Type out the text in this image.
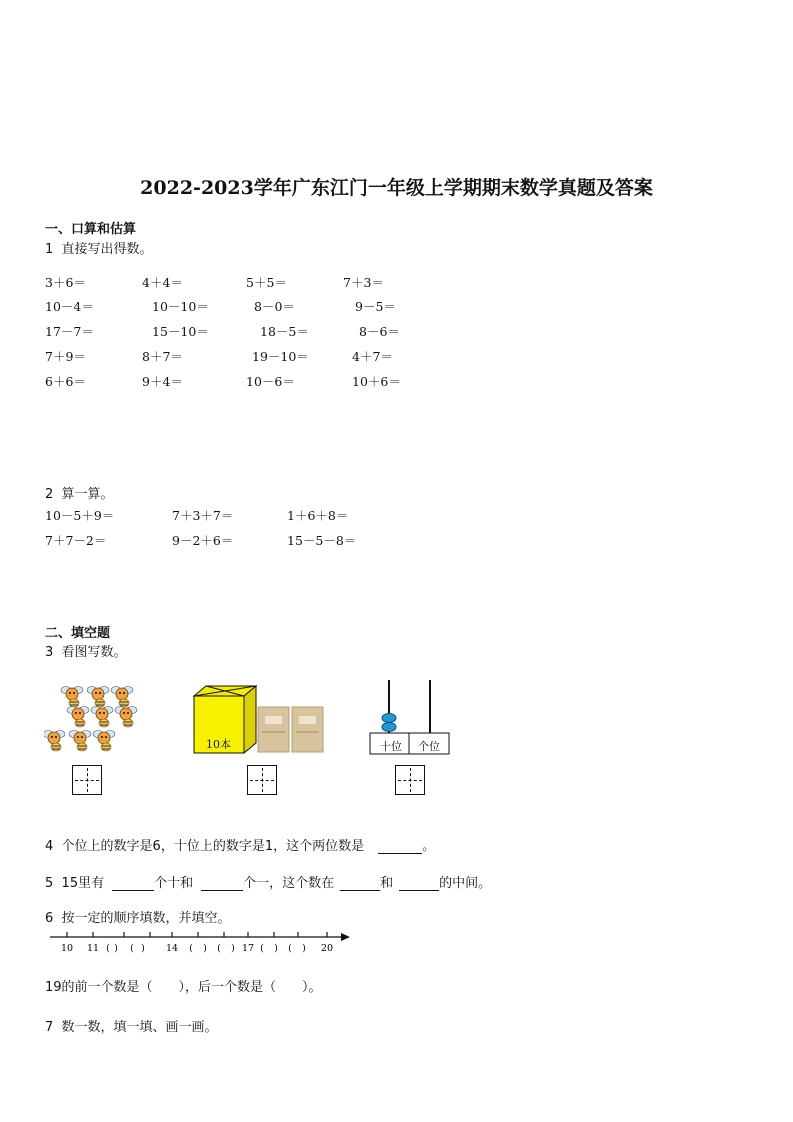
2022-2023学年广东江门一年级上学期期末数学真题及答案
一、口算和估算
1 直接写出得数。
3＋6＝	4＋4＝	5＋5＝	7＋3＝
10－4＝	10－10＝	8－0＝	9－5＝
17－7＝	15－10＝	18－5＝	8－6＝
7＋9＝	8＋7＝	19－10＝	4＋7＝
6＋6＝	9＋4＝	10－6＝	10＋6＝
2 算一算。
10－5＋9＝	7＋3＋7＝	1＋6＋8＝
7＋7－2＝	9－2＋6＝	15－5－8＝
二、填空题
3 看图写数。
10本	十位 个位
4 个位上的数字是6，十位上的数字是1，这个两位数是	。
5 15里有	个十和	个一，这个数在	和	的中间。
6 按一定的顺序填数，并填空。
10 11 ( ) ( ) 14 ( ) ( ) 17 ( ) ( ) 20
19的前一个数是（　　），后一个数是（　　）。
7 数一数，填一填、画一画。
